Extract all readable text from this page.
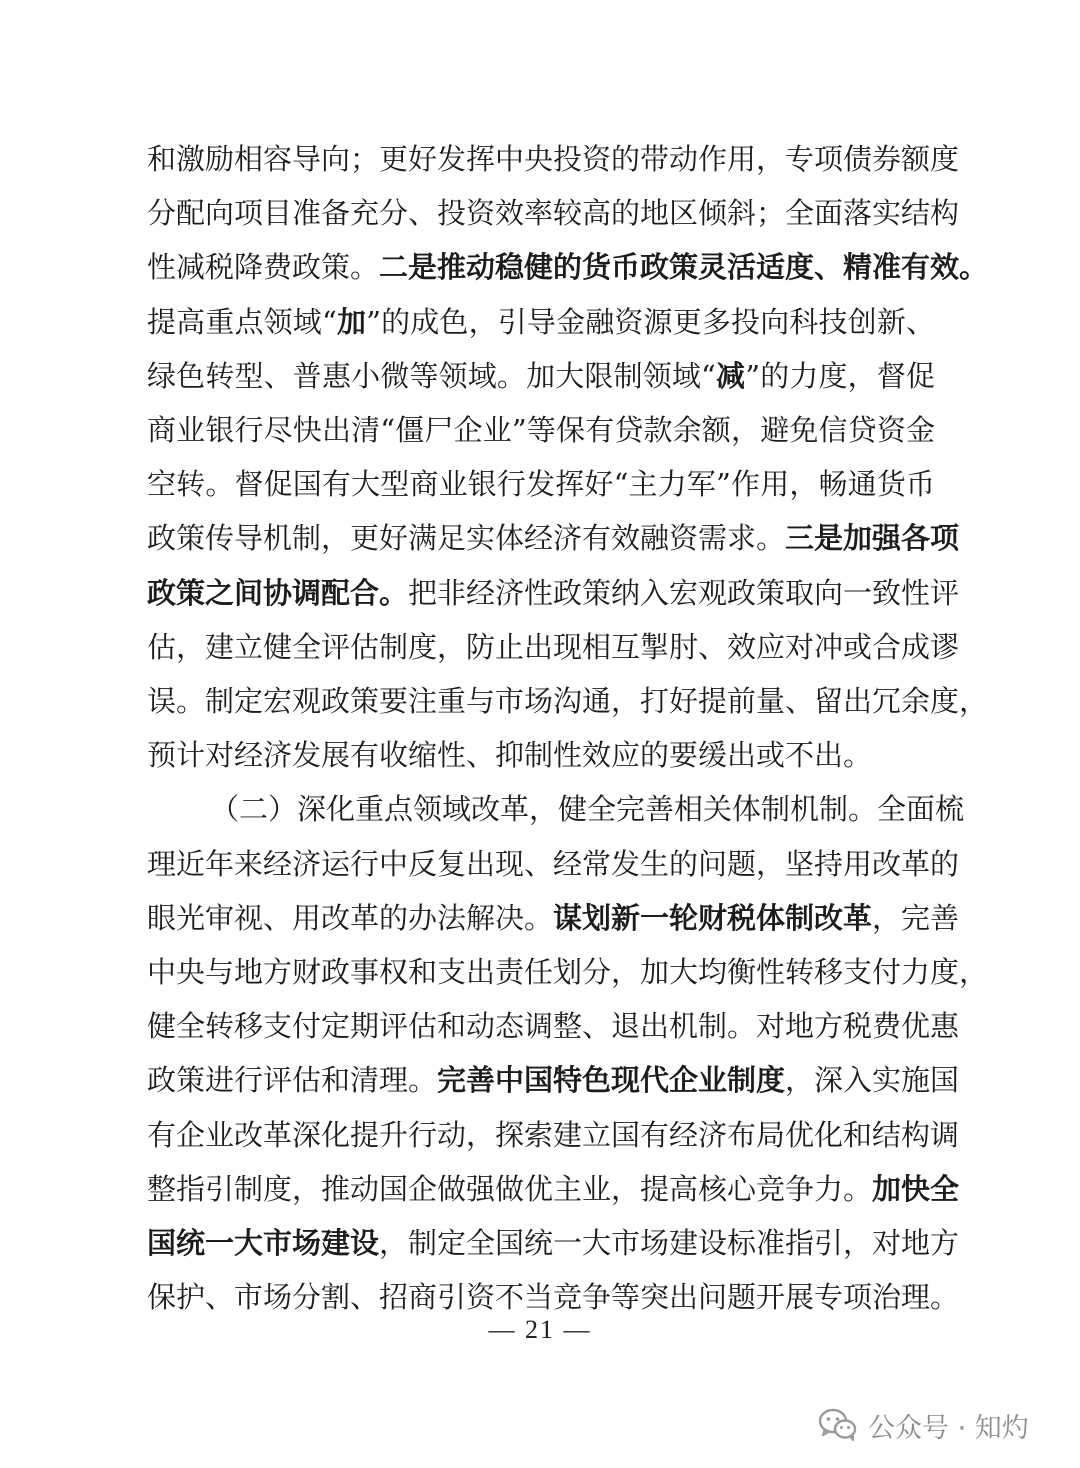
和激励相容导向；更好发挥中央投资的带动作用，专项债券额度
分配向项目准备充分、投资效率较高的地区倾斜；全面落实结构
性减税降费政策。二是推动稳健的货币政策灵活适度、精准有效。
提高重点领域“加”的成色，引导金融资源更多投向科技创新、
绿色转型、普惠小微等领域。加大限制领域“减”的力度，督促
商业银行尽快出清“僵尸企业”等保有贷款余额，避免信贷资金
空转。督促国有大型商业银行发挥好“主力军”作用，畅通货币
政策传导机制，更好满足实体经济有效融资需求。三是加强各项
政策之间协调配合。把非经济性政策纳入宏观政策取向一致性评
估，建立健全评估制度，防止出现相互掣肘、效应对冲或合成谬
误。制定宏观政策要注重与市场沟通，打好提前量、留出冗余度，
预计对经济发展有收缩性、抑制性效应的要缓出或不出。
（二）深化重点领域改革，健全完善相关体制机制。全面梳
理近年来经济运行中反复出现、经常发生的问题，坚持用改革的
眼光审视、用改革的办法解决。谋划新一轮财税体制改革，完善
中央与地方财政事权和支出责任划分，加大均衡性转移支付力度，
健全转移支付定期评估和动态调整、退出机制。对地方税费优惠
政策进行评估和清理。完善中国特色现代企业制度，深入实施国
有企业改革深化提升行动，探索建立国有经济布局优化和结构调
整指引制度，推动国企做强做优主业，提高核心竞争力。加快全
国统一大市场建设，制定全国统一大市场建设标准指引，对地方
保护、市场分割、招商引资不当竞争等突出问题开展专项治理。
— 21 —
公众号 · 知灼
